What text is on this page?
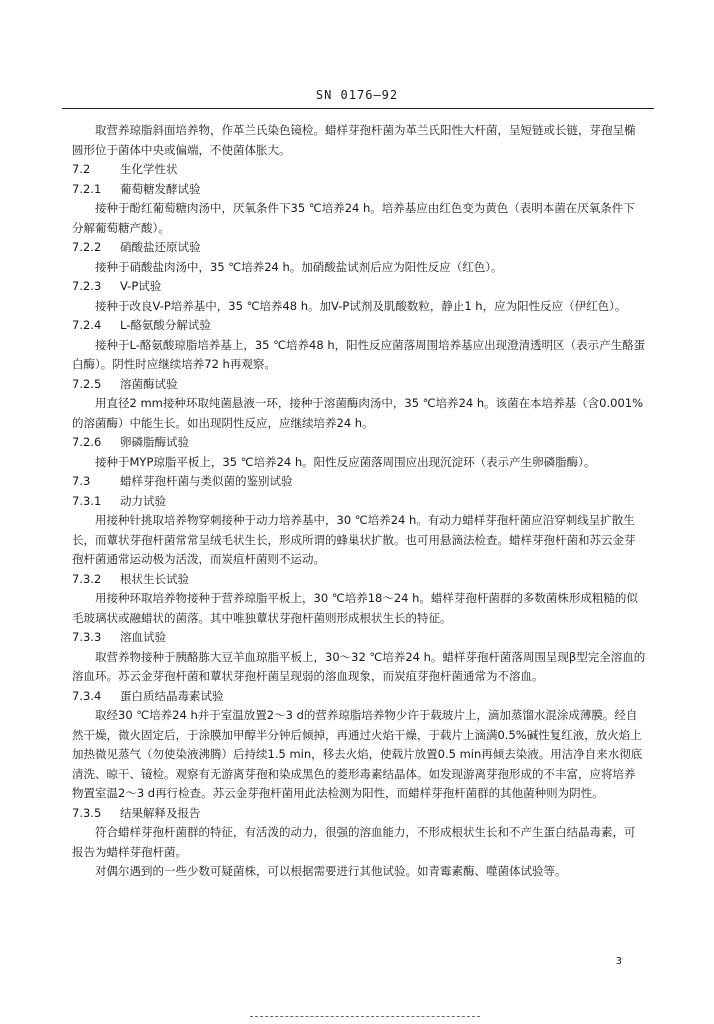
SN 0176—92
取营养琼脂斜面培养物，作革兰氏染色镜检。蜡样芽孢杆菌为革兰氏阳性大杆菌，呈短链或长链，芽孢呈椭圆形位于菌体中央或偏端，不使菌体胀大。
7.2	生化学性状
7.2.1 葡萄糖发酵试验
接种于酚红葡萄糖肉汤中，厌氧条件下35 ℃培养24 h。培养基应由红色变为黄色（表明本菌在厌氧条件下分解葡萄糖产酸）。
7.2.2 硝酸盐还原试验
接种于硝酸盐肉汤中，35 ℃培养24 h。加硝酸盐试剂后应为阳性反应（红色）。
7.2.3 V-P试验
接种于改良V-P培养基中，35 ℃培养48 h。加V-P试剂及肌酸数粒，静止1 h，应为阳性反应（伊红色）。
7.2.4 L-酪氨酸分解试验
接种于L-酪氨酸琼脂培养基上，35 ℃培养48 h，阳性反应菌落周围培养基应出现澄清透明区（表示产生酪蛋白酶）。阴性时应继续培养72 h再观察。
7.2.5 溶菌酶试验
用直径2 mm接种环取纯菌悬液一环，接种于溶菌酶肉汤中，35 ℃培养24 h。该菌在本培养基（含0.001%的溶菌酶）中能生长。如出现阴性反应，应继续培养24 h。
7.2.6 卵磷脂酶试验
接种于MYP琼脂平板上，35 ℃培养24 h。阳性反应菌落周围应出现沉淀环（表示产生卵磷脂酶）。
7.3	蜡样芽孢杆菌与类似菌的鉴别试验
7.3.1 动力试验
用接种针挑取培养物穿刺接种于动力培养基中，30 ℃培养24 h。有动力蜡样芽孢杆菌应沿穿刺线呈扩散生长，而蕈状芽孢杆菌常常呈绒毛状生长，形成所谓的蜂巢状扩散。也可用悬滴法检查。蜡样芽孢杆菌和苏云金芽孢杆菌通常运动极为活泼，而炭疽杆菌则不运动。
7.3.2 根状生长试验
用接种环取培养物接种于营养琼脂平板上，30 ℃培养18～24 h。蜡样芽孢杆菌群的多数菌株形成粗糙的似毛玻璃状或融蜡状的菌落。其中唯独蕈状芽孢杆菌则形成根状生长的特征。
7.3.3 溶血试验
取营养物接种于胰酪胨大豆羊血琼脂平板上，30～32 ℃培养24 h。蜡样芽孢杆菌落周围呈现β型完全溶血的溶血环。苏云金芽孢杆菌和蕈状芽孢杆菌呈现弱的溶血现象，而炭疽芽孢杆菌通常为不溶血。
7.3.4 蛋白质结晶毒素试验
取经30 ℃培养24 h并于室温放置2～3 d的营养琼脂培养物少许于载玻片上，滴加蒸馏水混涂成薄膜。经自然干燥，微火固定后，于涂膜加甲醇半分钟后倾掉，再通过火焰干燥，于载片上滴满0.5%碱性复红液，放火焰上加热微见蒸气（勿使染液沸腾）后持续1.5 min，移去火焰，使载片放置0.5 min再倾去染液。用洁净自来水彻底清洗、晾干、镜检。观察有无游离芽孢和染成黑色的菱形毒素结晶体。如发现游离芽孢形成的不丰富，应将培养物置室温2～3 d再行检查。苏云金芽孢杆菌用此法检测为阳性，而蜡样芽孢杆菌群的其他菌种则为阴性。
7.3.5 结果解释及报告
符合蜡样芽孢杆菌群的特征，有活泼的动力，很强的溶血能力，不形成根状生长和不产生蛋白结晶毒素，可报告为蜡样芽孢杆菌。
对偶尔遇到的一些少数可疑菌株，可以根据需要进行其他试验。如青霉素酶、噬菌体试验等。
3
